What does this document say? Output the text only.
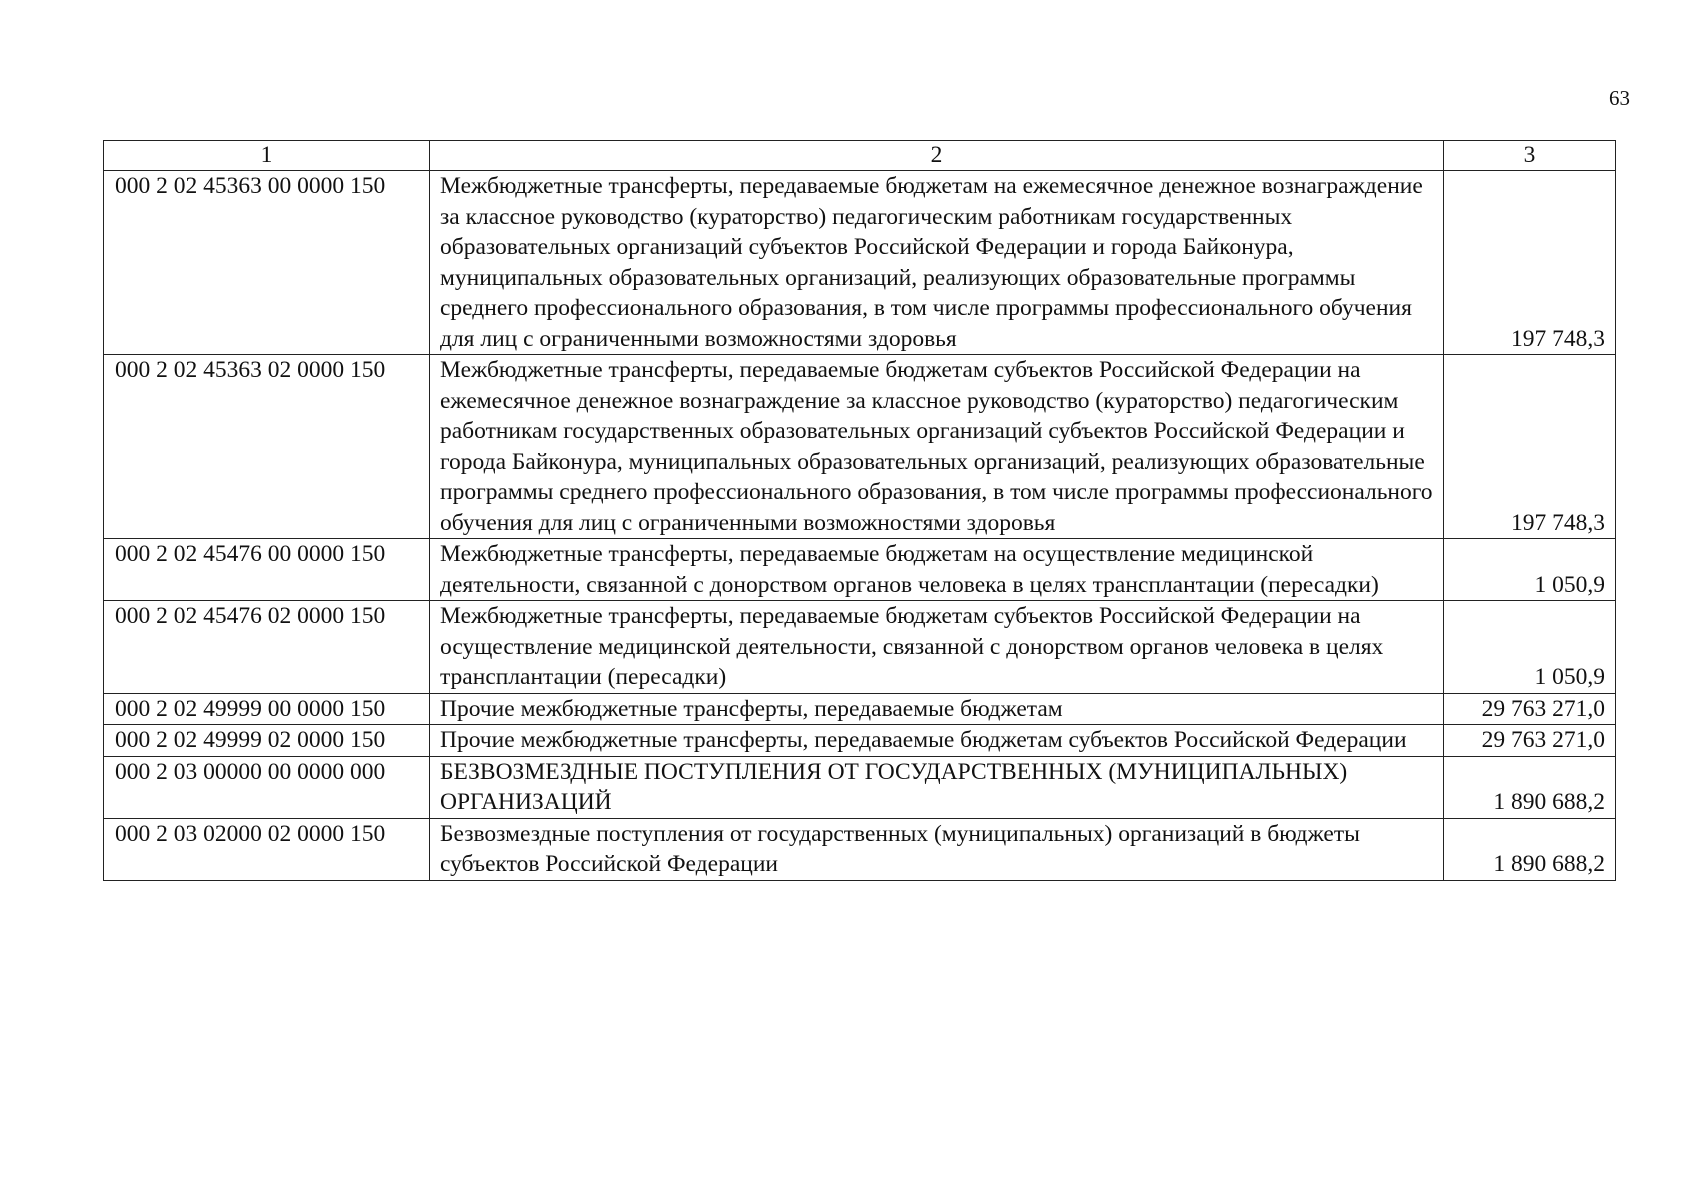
63
1	2	3
000 2 02 45363 00 0000 150	Межбюджетные трансферты, передаваемые бюджетам на ежемесячное денежное вознаграждение за классное руководство (кураторство) педагогическим работникам государственных образовательных организаций субъектов Российской Федерации и города Байконура, муниципальных образовательных организаций, реализующих образовательные программы среднего профессионального образования, в том числе программы профессионального обучения для лиц с ограниченными возможностями здоровья	197 748,3
000 2 02 45363 02 0000 150	Межбюджетные трансферты, передаваемые бюджетам субъектов Российской Федерации на ежемесячное денежное вознаграждение за классное руководство (кураторство) педагогическим работникам государственных образовательных организаций субъектов Российской Федерации и города Байконура, муниципальных образовательных организаций, реализующих образовательные программы среднего профессионального образования, в том числе программы профессионального обучения для лиц с ограниченными возможностями здоровья	197 748,3
000 2 02 45476 00 0000 150	Межбюджетные трансферты, передаваемые бюджетам на осуществление медицинской деятельности, связанной с донорством органов человека в целях трансплантации (пересадки)	1 050,9
000 2 02 45476 02 0000 150	Межбюджетные трансферты, передаваемые бюджетам субъектов Российской Федерации на осуществление медицинской деятельности, связанной с донорством органов человека в целях трансплантации (пересадки)	1 050,9
000 2 02 49999 00 0000 150	Прочие межбюджетные трансферты, передаваемые бюджетам	29 763 271,0
000 2 02 49999 02 0000 150	Прочие межбюджетные трансферты, передаваемые бюджетам субъектов Российской Федерации	29 763 271,0
000 2 03 00000 00 0000 000	БЕЗВОЗМЕЗДНЫЕ ПОСТУПЛЕНИЯ ОТ ГОСУДАРСТВЕННЫХ (МУНИЦИПАЛЬНЫХ) ОРГАНИЗАЦИЙ	1 890 688,2
000 2 03 02000 02 0000 150	Безвозмездные поступления от государственных (муниципальных) организаций в бюджеты субъектов Российской Федерации	1 890 688,2
